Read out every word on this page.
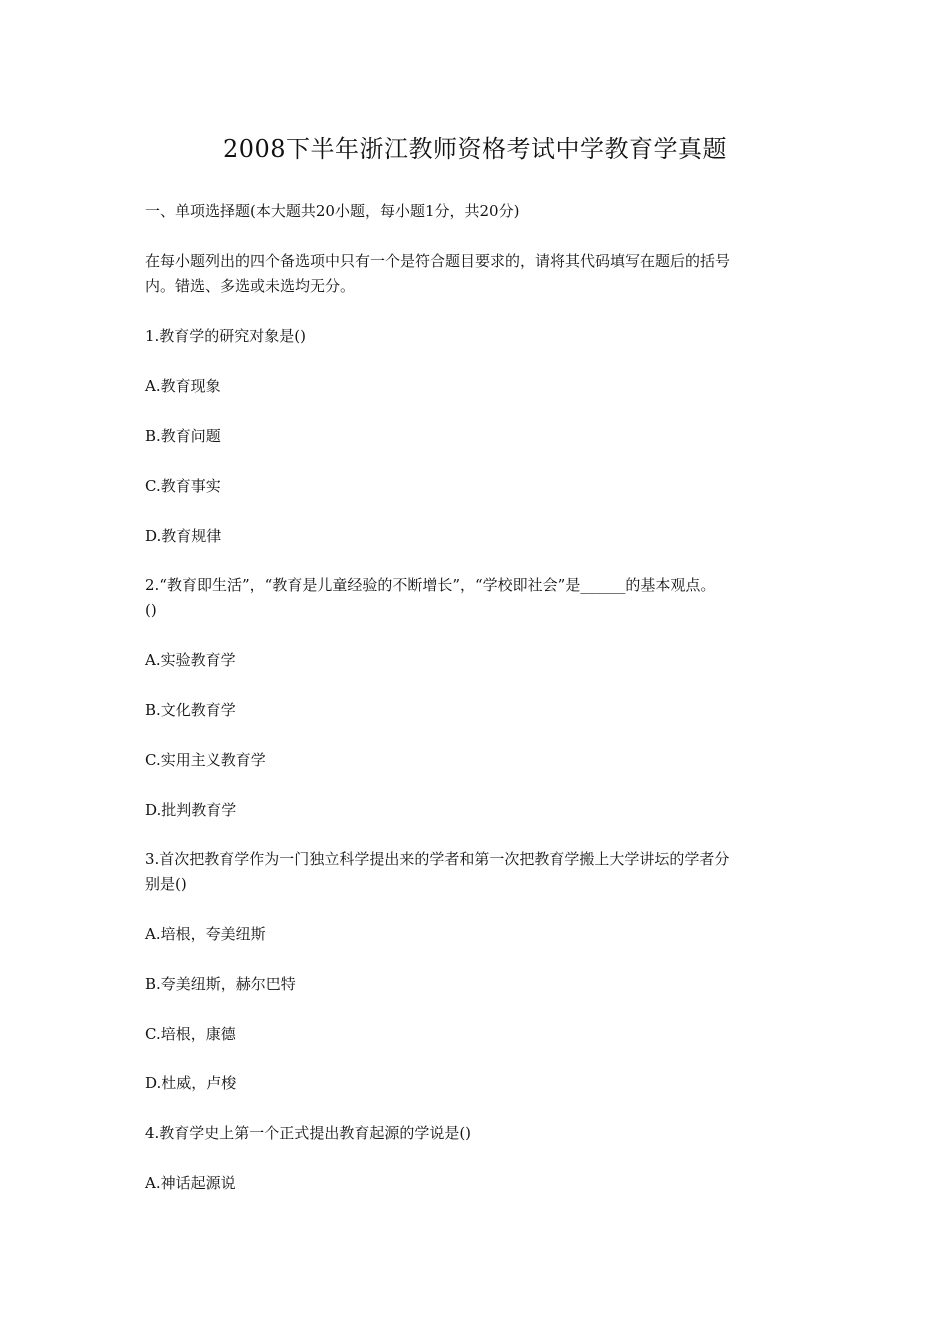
2008下半年浙江教师资格考试中学教育学真题
一、单项选择题(本大题共20小题，每小题1分，共20分)
在每小题列出的四个备选项中只有一个是符合题目要求的，请将其代码填写在题后的括号
内。错选、多选或未选均无分。
1.教育学的研究对象是()
A.教育现象
B.教育问题
C.教育事实
D.教育规律
2.“教育即生活”，“教育是儿童经验的不断增长”，“学校即社会”是______的基本观点。
()
A.实验教育学
B.文化教育学
C.实用主义教育学
D.批判教育学
3.首次把教育学作为一门独立科学提出来的学者和第一次把教育学搬上大学讲坛的学者分
别是()
A.培根，夸美纽斯
B.夸美纽斯，赫尔巴特
C.培根，康德
D.杜威，卢梭
4.教育学史上第一个正式提出教育起源的学说是()
A.神话起源说
